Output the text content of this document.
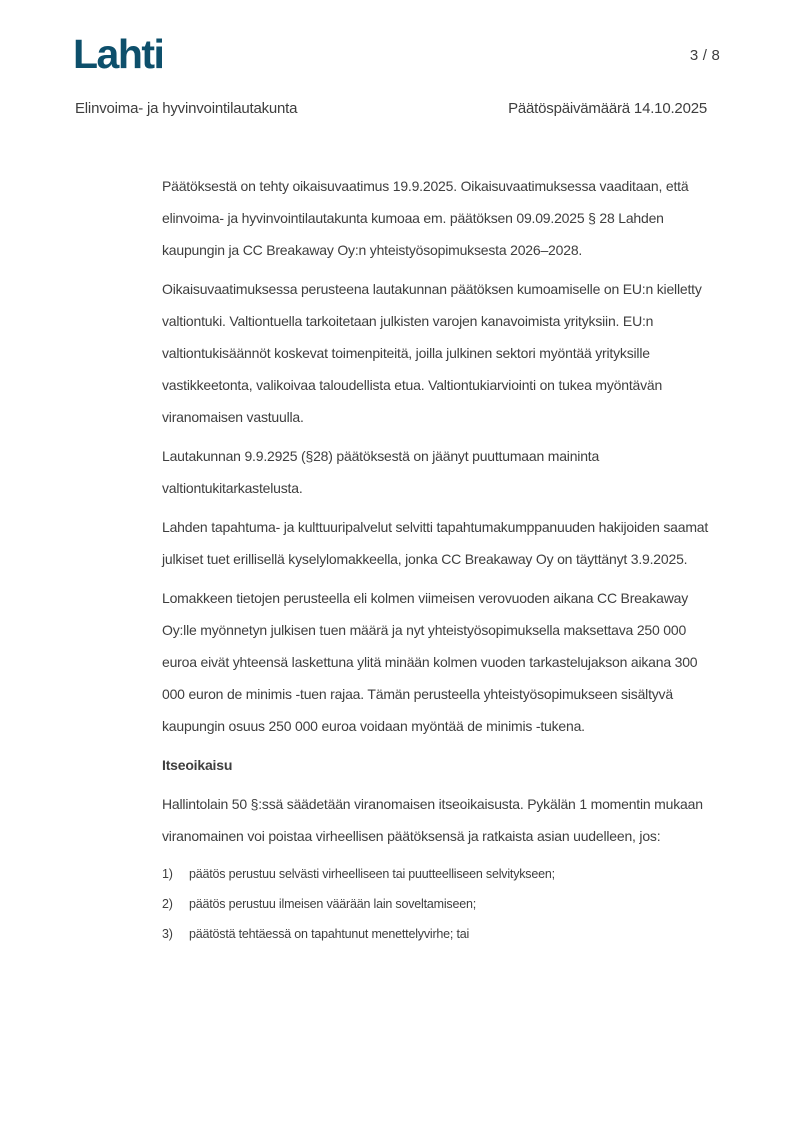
Lahti	3 / 8
Elinvoima- ja hyvinvointilautakunta	Päätöspäivämäärä 14.10.2025

Päätöksestä on tehty oikaisuvaatimus 19.9.2025. Oikaisuvaatimuksessa vaaditaan, että elinvoima- ja hyvinvointilautakunta kumoaa em. päätöksen 09.09.2025 § 28 Lahden kaupungin ja CC Breakaway Oy:n yhteistyösopimuksesta 2026–2028.

Oikaisuvaatimuksessa perusteena lautakunnan päätöksen kumoamiselle on EU:n kielletty valtiontuki. Valtiontuella tarkoitetaan julkisten varojen kanavoimista yrityksiin. EU:n valtiontukisäännöt koskevat toimenpiteitä, joilla julkinen sektori myöntää yrityksille vastikkeetonta, valikoivaa taloudellista etua. Valtiontukiarviointi on tukea myöntävän viranomaisen vastuulla.

Lautakunnan 9.9.2925 (§28) päätöksestä on jäänyt puuttumaan maininta valtiontukitarkastelusta.

Lahden tapahtuma- ja kulttuuripalvelut selvitti tapahtumakumppanuuden hakijoiden saamat julkiset tuet erillisellä kyselylomakkeella, jonka CC Breakaway Oy on täyttänyt 3.9.2025.

Lomakkeen tietojen perusteella eli kolmen viimeisen verovuoden aikana CC Breakaway Oy:lle myönnetyn julkisen tuen määrä ja nyt yhteistyösopimuksella maksettava 250 000 euroa eivät yhteensä laskettuna ylitä minään kolmen vuoden tarkastelujakson aikana 300 000 euron de minimis -tuen rajaa. Tämän perusteella yhteistyösopimukseen sisältyvä kaupungin osuus 250 000 euroa voidaan myöntää de minimis -tukena.

Itseoikaisu

Hallintolain 50 §:ssä säädetään viranomaisen itseoikaisusta. Pykälän 1 momentin mukaan viranomainen voi poistaa virheellisen päätöksensä ja ratkaista asian uudelleen, jos:

1)	päätös perustuu selvästi virheelliseen tai puutteelliseen selvitykseen;
2)	päätös perustuu ilmeisen väärään lain soveltamiseen;
3)	päätöstä tehtäessä on tapahtunut menettelyvirhe; tai
